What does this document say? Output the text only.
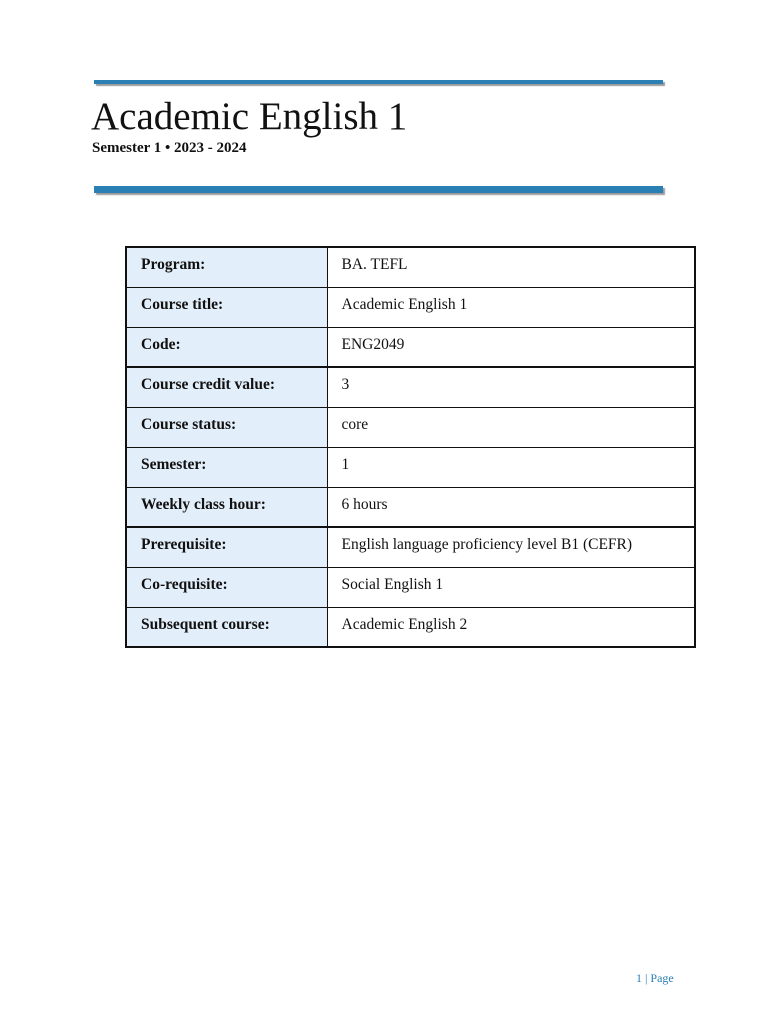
Academic English 1
Semester 1 • 2023 - 2024
Program:	BA. TEFL
Course title:	Academic English 1
Code:	ENG2049
Course credit value:	3
Course status:	core
Semester:	1
Weekly class hour:	6 hours
Prerequisite:	English language proficiency level B1 (CEFR)
Co-requisite:	Social English 1
Subsequent course:	Academic English 2
1 | Page
